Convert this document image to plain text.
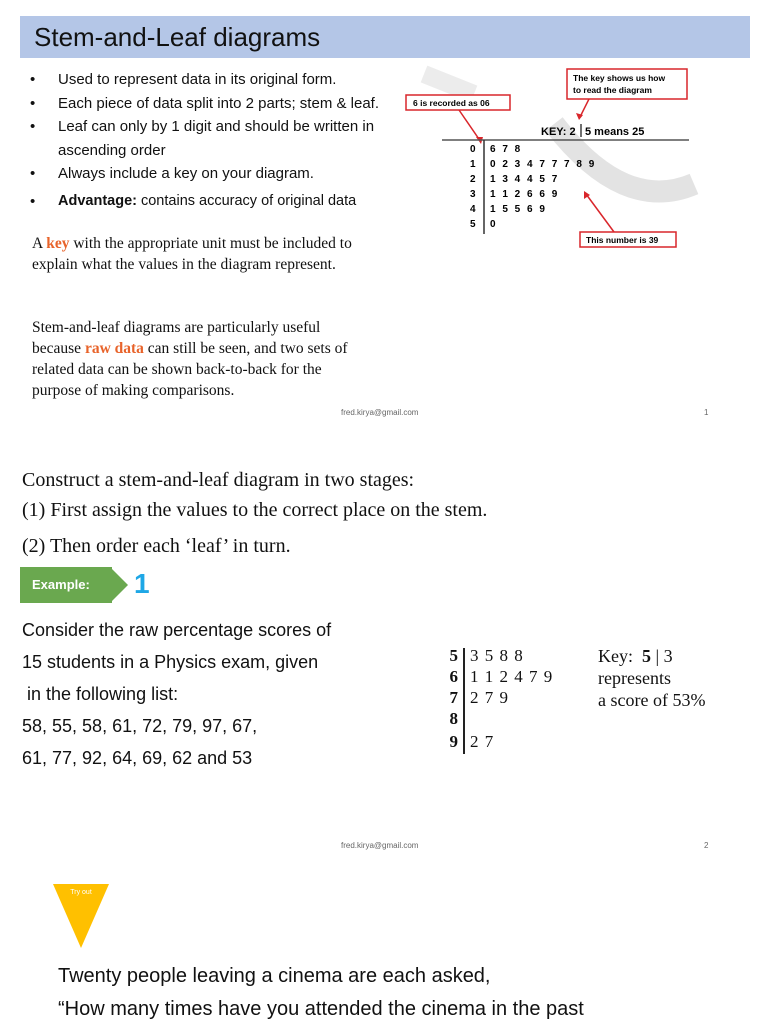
Stem-and-Leaf diagrams
• Used to represent data in its original form.
• Each piece of data split into 2 parts; stem & leaf.
• Leaf can only by 1 digit and should be written in ascending order
• Always include a key on your diagram.
• Advantage: contains accuracy of original data
6 is recorded as 06
The key shows us how
to read the diagram
KEY: 2 5 means 25
0 6 7 8
1 0 2 3 4 7 7 7 8 9
2 1 3 4 4 5 7
3 1 1 2 6 6 9
4 1 5 5 6 9
5 0
This number is 39
A key with the appropriate unit must be included to explain what the values in the diagram represent.
Stem-and-leaf diagrams are particularly useful because raw data can still be seen, and two sets of related data can be shown back-to-back for the purpose of making comparisons.
fred.kirya@gmail.com	1
Construct a stem-and-leaf diagram in two stages:
(1) First assign the values to the correct place on the stem.
(2) Then order each ‘leaf’ in turn.
Example: 1
Consider the raw percentage scores of
15 students in a Physics exam, given
in the following list:
58, 55, 58, 61, 72, 79, 97, 67,
61, 77, 92, 64, 69, 62 and 53
5 3 5 8 8
6 1 1 2 4 7 9
7 2 7 9
8
9 2 7
Key:  5 | 3
represents
a score of 53%
fred.kirya@gmail.com	2
Try out
Twenty people leaving a cinema are each asked,
“How many times have you attended the cinema in the past
